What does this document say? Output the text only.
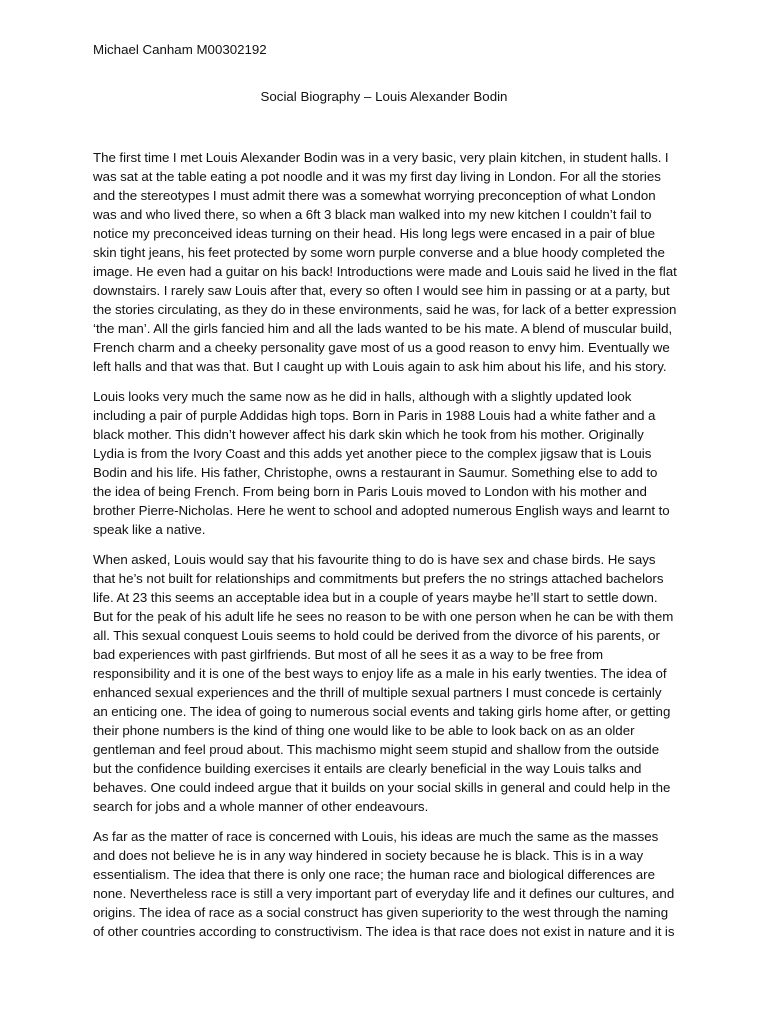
Michael Canham M00302192
Social Biography – Louis Alexander Bodin

The first time I met Louis Alexander Bodin was in a very basic, very plain kitchen, in student halls. I was sat at the table eating a pot noodle and it was my first day living in London. For all the stories and the stereotypes I must admit there was a somewhat worrying preconception of what London was and who lived there, so when a 6ft 3 black man walked into my new kitchen I couldn’t fail to notice my preconceived ideas turning on their head. His long legs were encased in a pair of blue skin tight jeans, his feet protected by some worn purple converse and a blue hoody completed the image. He even had a guitar on his back! Introductions were made and Louis said he lived in the flat downstairs. I rarely saw Louis after that, every so often I would see him in passing or at a party, but the stories circulating, as they do in these environments, said he was, for lack of a better expression ‘the man’. All the girls fancied him and all the lads wanted to be his mate. A blend of muscular build, French charm and a cheeky personality gave most of us a good reason to envy him. Eventually we left halls and that was that. But I caught up with Louis again to ask him about his life, and his story.

Louis looks very much the same now as he did in halls, although with a slightly updated look including a pair of purple Addidas high tops. Born in Paris in 1988 Louis had a white father and a black mother. This didn’t however affect his dark skin which he took from his mother. Originally Lydia is from the Ivory Coast and this adds yet another piece to the complex jigsaw that is Louis Bodin and his life. His father, Christophe, owns a restaurant in Saumur. Something else to add to the idea of being French. From being born in Paris Louis moved to London with his mother and brother Pierre-Nicholas. Here he went to school and adopted numerous English ways and learnt to speak like a native.

When asked, Louis would say that his favourite thing to do is have sex and chase birds. He says that he’s not built for relationships and commitments but prefers the no strings attached bachelors life. At 23 this seems an acceptable idea but in a couple of years maybe he’ll start to settle down. But for the peak of his adult life he sees no reason to be with one person when he can be with them all. This sexual conquest Louis seems to hold could be derived from the divorce of his parents, or bad experiences with past girlfriends. But most of all he sees it as a way to be free from responsibility and it is one of the best ways to enjoy life as a male in his early twenties. The idea of enhanced sexual experiences and the thrill of multiple sexual partners I must concede is certainly an enticing one. The idea of going to numerous social events and taking girls home after, or getting their phone numbers is the kind of thing one would like to be able to look back on as an older gentleman and feel proud about. This machismo might seem stupid and shallow from the outside but the confidence building exercises it entails are clearly beneficial in the way Louis talks and behaves. One could indeed argue that it builds on your social skills in general and could help in the search for jobs and a whole manner of other endeavours.

As far as the matter of race is concerned with Louis, his ideas are much the same as the masses and does not believe he is in any way hindered in society because he is black. This is in a way essentialism. The idea that there is only one race; the human race and biological differences are none. Nevertheless race is still a very important part of everyday life and it defines our cultures, and origins. The idea of race as a social construct has given superiority to the west through the naming of other countries according to constructivism. The idea is that race does not exist in nature and it is
